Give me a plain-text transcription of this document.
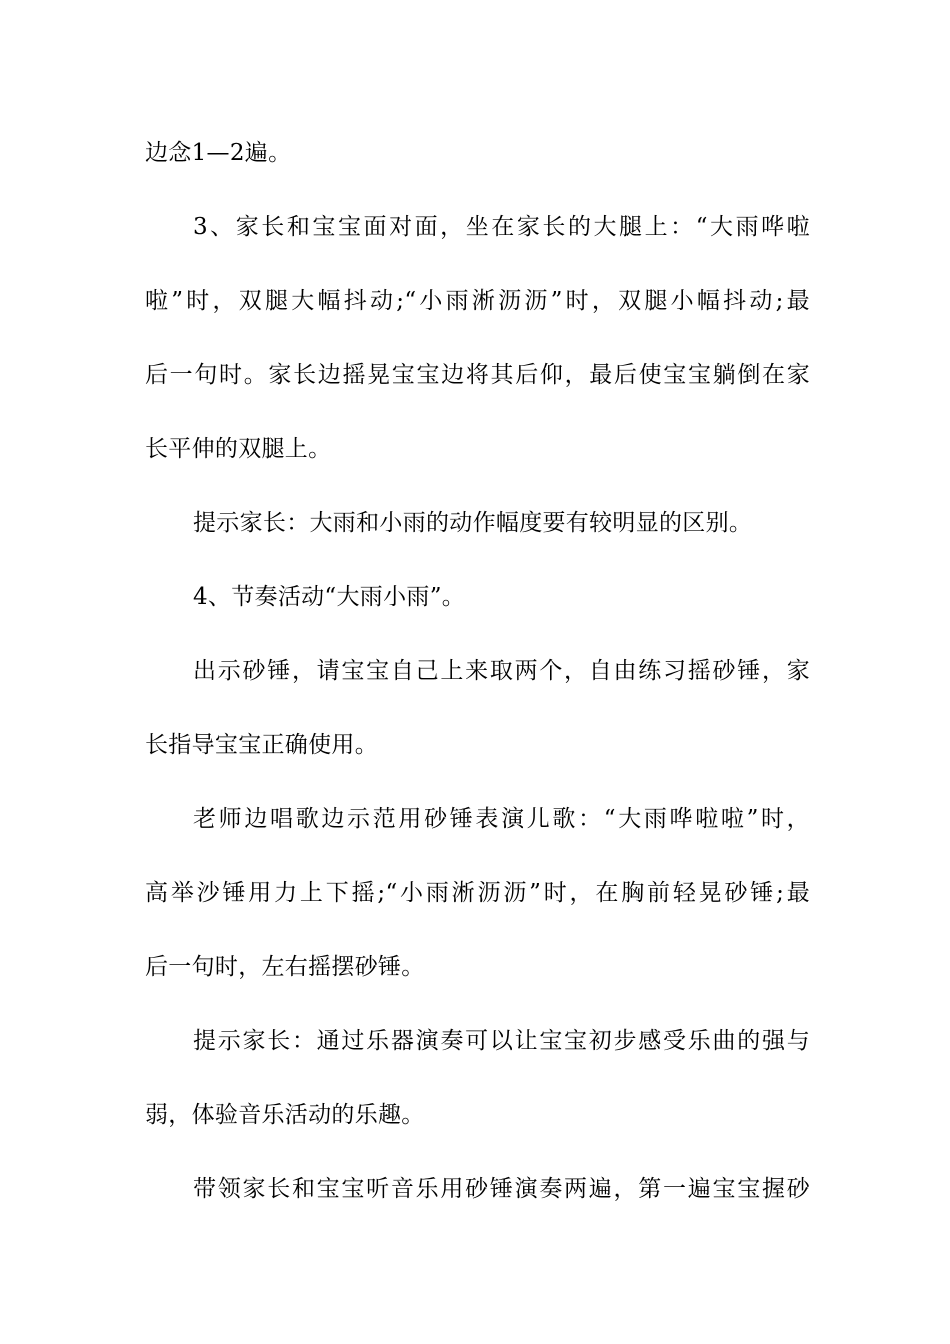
边念1—2遍。

3、家长和宝宝面对面，坐在家长的大腿上：“大雨哗啦

啦”时，双腿大幅抖动;“小雨淅沥沥”时，双腿小幅抖动;最

后一句时。家长边摇晃宝宝边将其后仰，最后使宝宝躺倒在家

长平伸的双腿上。

提示家长：大雨和小雨的动作幅度要有较明显的区别。

4、节奏活动“大雨小雨”。

出示砂锤，请宝宝自己上来取两个，自由练习摇砂锤，家

长指导宝宝正确使用。

老师边唱歌边示范用砂锤表演儿歌：“大雨哗啦啦”时，

高举沙锤用力上下摇;“小雨淅沥沥”时，在胸前轻晃砂锤;最

后一句时，左右摇摆砂锤。

提示家长：通过乐器演奏可以让宝宝初步感受乐曲的强与

弱，体验音乐活动的乐趣。

带领家长和宝宝听音乐用砂锤演奏两遍，第一遍宝宝握砂
